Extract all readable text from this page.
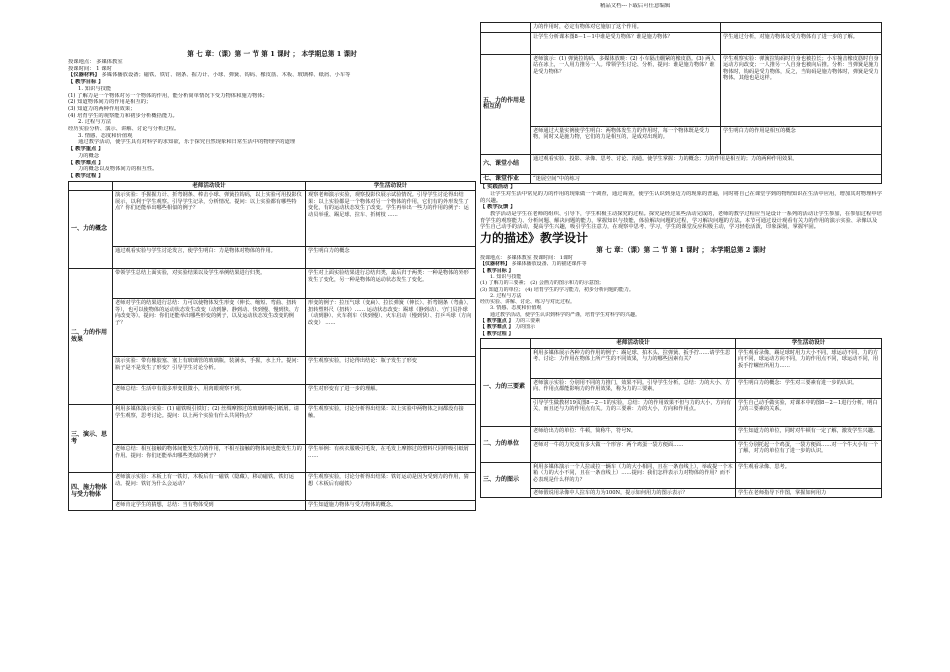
精品文档---下载后可任意编辑
第 七 章：（课）第 一 节 第 1 课时 ； 本学期总第 1 课时
授课地点： 多媒体教室
授课时间： 1 课时
【仪器材料】 多媒体播放设备；磁铁、铁钉、钢条、握力计、小球、弹簧、钩码、橡皮筋、木板、玻璃棒、纸屑、小车等
【 教学目标 】
1. 知识与技能
(1) 了解力是一个物体对另一个物体的作用，能分析简单情况下受力物体和施力物体；
(2) 知道物体间力的作用是相互的；
(3) 知道力的两种作用效果；
(4) 培育学生的观察能力和初步分析概括能力。
2. 过程与方法
经历实验分析、演示、讲解、讨论与分析过程。
3. 情感、态度和价值观
通过教学活动，使学生具有对科学的求知欲，乐于探究自然现象和日常生活中的物理学的道理
【 教学重点 】
力的概念
【 教学难点 】
力的概念以及物体间力的相互性。
【 教学过程 】
	老师活动设计	学生活动设计
一、力的概念	演示实验：手握握力计、折弯钢条、棒击小球、弹簧拉钩码，以上实验可用投影仪展示，以利于学生观察。引导学生记录，分析情况。提问：以上实验都有哪些特点？你们还能举出哪些相似的例子？	观察老师演示实验，观察投影仪展示试验情况。引导学生讨论得出结果：以上实验都是一个物体对另一个物体的作用，它们有的外形发生了变化，有的运动状态发生了改变。学生再举出一些力的作用的例子：运动员举重、踢足球、拉车、折树枝 ……
	通过观看实验与学生讨论发言，使学生明白：力是物体对物体的作用。	学生明白力的概念
二、力的作用效果	带领学生总结上面实验，对实验结果以及学生举例结果进行归类。	学生对上面实验结果进行总结归类，最后归于两类：一种是物体的外形发生了变化，另一种是物体的运动状态发生了变化。
	老师对学生的结果进行总结：力可以使物体发生形变（伸长、缩短、弯曲、扭转等），也可以使物体的运动状态发生改变（动到静、静到动、快到慢、慢到快、方向改变等）。提问：你们还能举出哪些形变的例子，以及运动状态发生改变的例子？	形变的例子：拉压气球（变扁）、拉长弹簧（伸长）、折弯钢条（弯曲）、扭转塑料尺（扭转）…… 运动状态改变：踢球（静到动）、守门员扑球（动到静）、火车刹车（快到慢）、火车启动（慢到快）、打乒乓球（方向改变） ……
	演示实验：带有橡胶塞、塞上有玻璃管的玻璃瓶，装满水，手握，水上升。提问：瓶子是不是发生了形变？引导学生讨论分析。	学生观察实验，讨论得出结论：瓶子发生了形变
	老师总结：生活中有很多形变很微小，用肉眼观察不到。	学生对形变有了进一步的理解。
三、演示、思考	利用多媒体演示实验：(1) 磁铁吸引铁钉；(2) 丝绸摩擦过的玻璃棒吸引纸屑。请学生观察，思考讨论。提问：以上两个实验有什么共同特点？	学生观察实验，讨论分析得出结果：以上实验中两物体之间都没有接触。
	老师总结：相互接触的物体间能发生力的作用，不相互接触的物体间也能发生力的作用。提问：你们还能举出哪些类似的例子？	学生举例：有疾衣服吸引毛发，在毛发上摩擦过的塑料尺同样吸引纸屑 ……
四、施力物体与受力物体	老师演示实验：木板上有一铁钉，木板后有一磁铁（隐藏），移动磁铁，铁钉运动。提问：铁钉为什么会运动？	学生观察实验，讨论分析得出结果：铁钉运动是因为受到力的作用，猜想（木板后有磁铁）
	老师肯定学生的猜想，总结：当有物体受到	学生知道施力物体与受力物体的概念。
	力的作用时，必定有物体对它施加了这个作用。	
	让学生分析课本图8－1－1中谁是受力物体？谁是施力物体？	学生通过分析，对施力物体及受力物体有了进一步的了解。
五、力的作用是相互的	老师演示：(1) 弹簧拉钩码，多媒体放映：(2) 小车隔击绷紧的橡皮筋。(3) 两人站在冰上，一人用力推另一人。带领学生讨论、分析，提问：谁是施力物体？谁是受力物体？	学生观察实验：弹簧拉钩码时自身也被拉长；小车撞击橡皮筋时自身运动方向改变；一人推另一人自身也被向后推。分析：当弹簧是施力物体时，钩码是受力物体，反之，当钩码是施力物体时，弹簧是受力物体。其他也是这样。
	老师通过大量实例使学生明白：两物体发生力的作用时，每一个物体既是受力物，同时又是施力物，它们的力是相互的，是成对出现的。	学生明白力的作用是相互的概念
六、课堂小结	通过观看实验、投影、录像、思考、讨论、沟通。使学生掌握：力的概念；力的作用是相互的；力的两种作用效果。	
七、课堂作业	“迷展空间”中的练习	
【 实践活动 】
让学生对生活中常见的力的作用的现象做一个调查，通过调查，使学生认识到身边力的现象的普遍，同时将自己在课堂学到的物理知识在生活中应用，增加其对物理科学的兴趣。
【 教学反馈 】
教学活动是学生在老师的组织、引导下，学生积极主动探究的过程。探究是经过某些活动完成的，老师的教学过程应当是设计一系列的活动让学生参加，在参加过程中培育学生的观察能力、分析问题、解决问题的能力，掌握知识与技能，体验解决问题的过程，学习解决问题的方法。本节可通过设计观看有关力的作用的演示实验、录像以及学生自己动手的活动，提高学生兴趣，吸引学生注意力，在观察中思考、学习，学生的课堂反应积极主动，学习轻松活泼，印象深刻，掌握牢固。
力的描述》教学设计
第 七 章：（课）第 二 节 第 1 课时 ； 本学期总第 2 课时
授课地点： 多媒体教室 授课时间： 1课时
【仪器材料】 多媒体播放设备、力的描述课件等
【 教学目标 】
1. 知识与技能
(1) 了解力的三要素； (2) 会画力的图示和力的示意图；
(3) 知道力的单位； (4) 培育学生的学习能力，初步分析问题的能力。
2. 过程与方法
经历实验、讲解、讨论、练习与对比过程。
3. 情感、态度和价值观
通过教学活动，使学生认识到科学的严谨，培育学生对科学的兴趣。
【 教学重点 】 力的三要素
【 教学难点 】 力的图示
【 教学过程 】
	老师活动设计	学生活动设计
一、力的三要素	利用多媒体展示各种力的作用的例子：踢足球、拍木头、拉弹簧、扳手拧……请学生思考、讨论：力作用在物体上所产生的不同效果，与力的哪些因素有关？	学生观看录像，踢足球时用力大小不同，球运动不同，力的方向不同，球运动方向不同，力的作用点不同，球运动不同，用扳手拧螺丝所用力……
	老师演示实验：分别用不同的力推门，效果不同。引导学生分析，总结：力的大小、方向、作用点都能影响力的作用效果，称为力的三要素。	学生明白力的概念：学生对三要素有进一步的认识。
	引导学生做教材19页图8－2－1的实验，总结：力的作用效果不但与力的大小，方向有关，而且还与力的作用点有关。力的三要素：力的大小，方向和作用点。	学生自己动手做实验，对课本中的图8－2－1进行分析，明白力的三要素的关系。
二、力的单位	老师给出力的单位：牛顿，简称牛，符号N。	学生知道力的单位，同时对牛顿有一定了解，激发学生兴趣。
	老师对一牛的力究竟有多大做一个形容：两个鸡蛋一袋方便面……	学生分别托起一个鸡蛋，一袋方便面……对一个牛大小有一个了解，对力的单位有了进一步的认识。
三、力的图示	利用多媒体演示一个人拉或拉一辆车（力的大小相同，且在一条直线上），举或提一个木箱（力的大小不同，且在一条直线上）……提问：我们怎样表示力对物体的作用？而不必表现是什么样的力？	学生观看录像、思考。
	老师假说用录像中人拉车的力为100N，提示如何用力的图示表示？	学生在老师指导下作图，掌握如何用力
